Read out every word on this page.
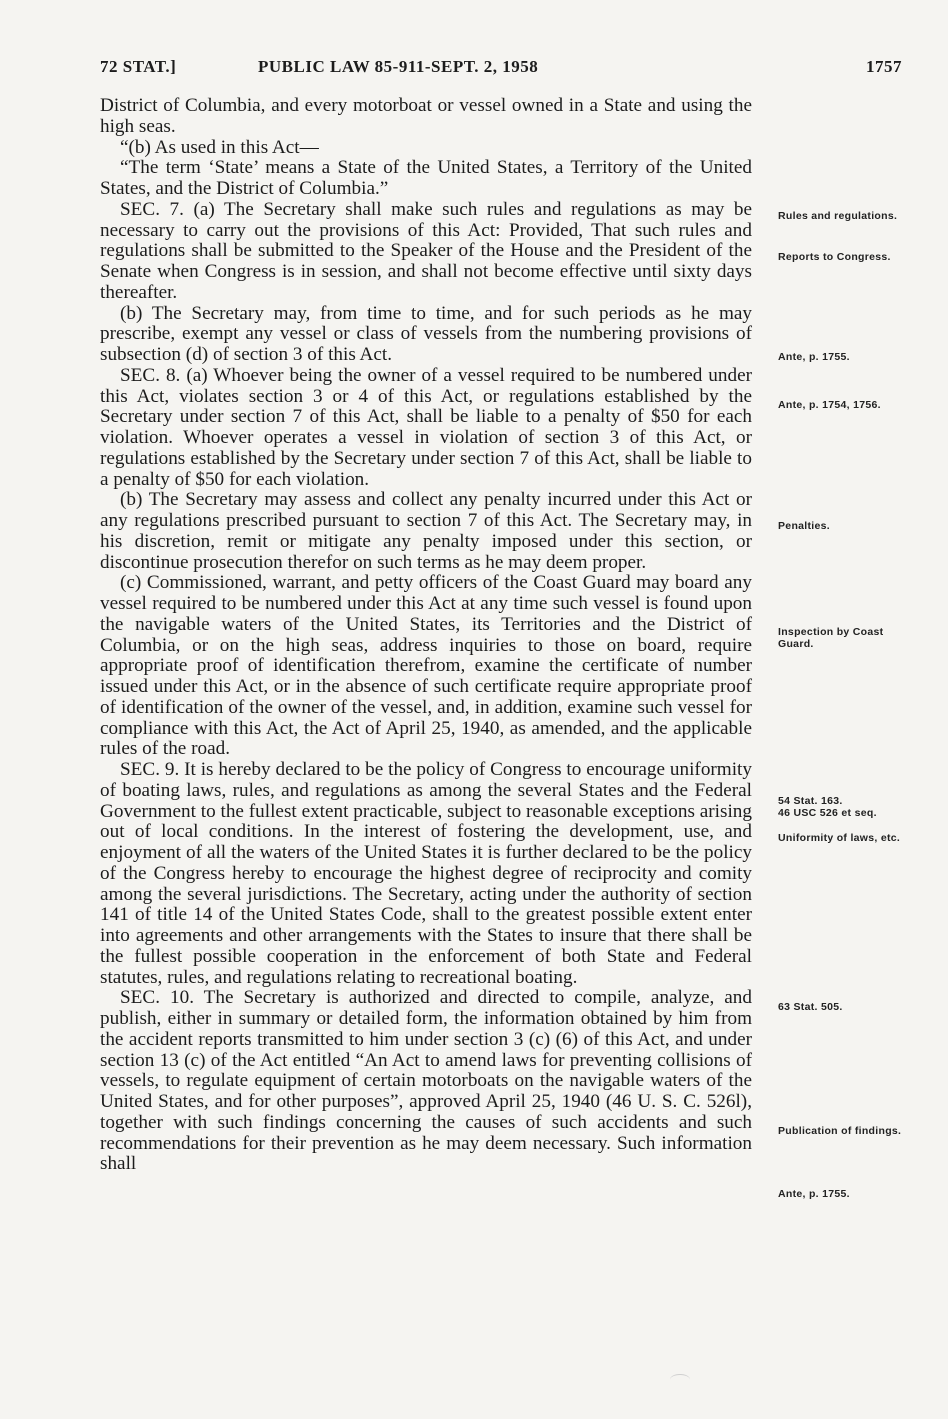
72 STAT.]	PUBLIC LAW 85-911-SEPT. 2, 1958	1757

District of Columbia, and every motorboat or vessel owned in a State and using the high seas.

“(b) As used in this Act—

“The term ‘State’ means a State of the United States, a Territory of the United States, and the District of Columbia.”

SEC. 7. (a) The Secretary shall make such rules and regulations as may be necessary to carry out the provisions of this Act: Provided, That such rules and regulations shall be submitted to the Speaker of the House and the President of the Senate when Congress is in session, and shall not become effective until sixty days thereafter.

(b) The Secretary may, from time to time, and for such periods as he may prescribe, exempt any vessel or class of vessels from the numbering provisions of subsection (d) of section 3 of this Act.

SEC. 8. (a) Whoever being the owner of a vessel required to be numbered under this Act, violates section 3 or 4 of this Act, or regulations established by the Secretary under section 7 of this Act, shall be liable to a penalty of $50 for each violation. Whoever operates a vessel in violation of section 3 of this Act, or regulations established by the Secretary under section 7 of this Act, shall be liable to a penalty of $50 for each violation.

(b) The Secretary may assess and collect any penalty incurred under this Act or any regulations prescribed pursuant to section 7 of this Act. The Secretary may, in his discretion, remit or mitigate any penalty imposed under this section, or discontinue prosecution therefor on such terms as he may deem proper.

(c) Commissioned, warrant, and petty officers of the Coast Guard may board any vessel required to be numbered under this Act at any time such vessel is found upon the navigable waters of the United States, its Territories and the District of Columbia, or on the high seas, address inquiries to those on board, require appropriate proof of identification therefrom, examine the certificate of number issued under this Act, or in the absence of such certificate require appropriate proof of identification of the owner of the vessel, and, in addition, examine such vessel for compliance with this Act, the Act of April 25, 1940, as amended, and the applicable rules of the road.

SEC. 9. It is hereby declared to be the policy of Congress to encourage uniformity of boating laws, rules, and regulations as among the several States and the Federal Government to the fullest extent practicable, subject to reasonable exceptions arising out of local conditions. In the interest of fostering the development, use, and enjoyment of all the waters of the United States it is further declared to be the policy of the Congress hereby to encourage the highest degree of reciprocity and comity among the several jurisdictions. The Secretary, acting under the authority of section 141 of title 14 of the United States Code, shall to the greatest possible extent enter into agreements and other arrangements with the States to insure that there shall be the fullest possible cooperation in the enforcement of both State and Federal statutes, rules, and regulations relating to recreational boating.

SEC. 10. The Secretary is authorized and directed to compile, analyze, and publish, either in summary or detailed form, the information obtained by him from the accident reports transmitted to him under section 3 (c) (6) of this Act, and under section 13 (c) of the Act entitled “An Act to amend laws for preventing collisions of vessels, to regulate equipment of certain motorboats on the navigable waters of the United States, and for other purposes”, approved April 25, 1940 (46 U. S. C. 526l), together with such findings concerning the causes of such accidents and such recommendations for their prevention as he may deem necessary. Such information shall

Rules and regulations.
Reports to Congress.
Ante, p. 1755.
Ante, p. 1754, 1756.
Penalties.
Inspection by Coast Guard.
54 Stat. 163.
46 USC 526 et seq.
Uniformity of laws, etc.
63 Stat. 505.
Publication of findings.
Ante, p. 1755.
